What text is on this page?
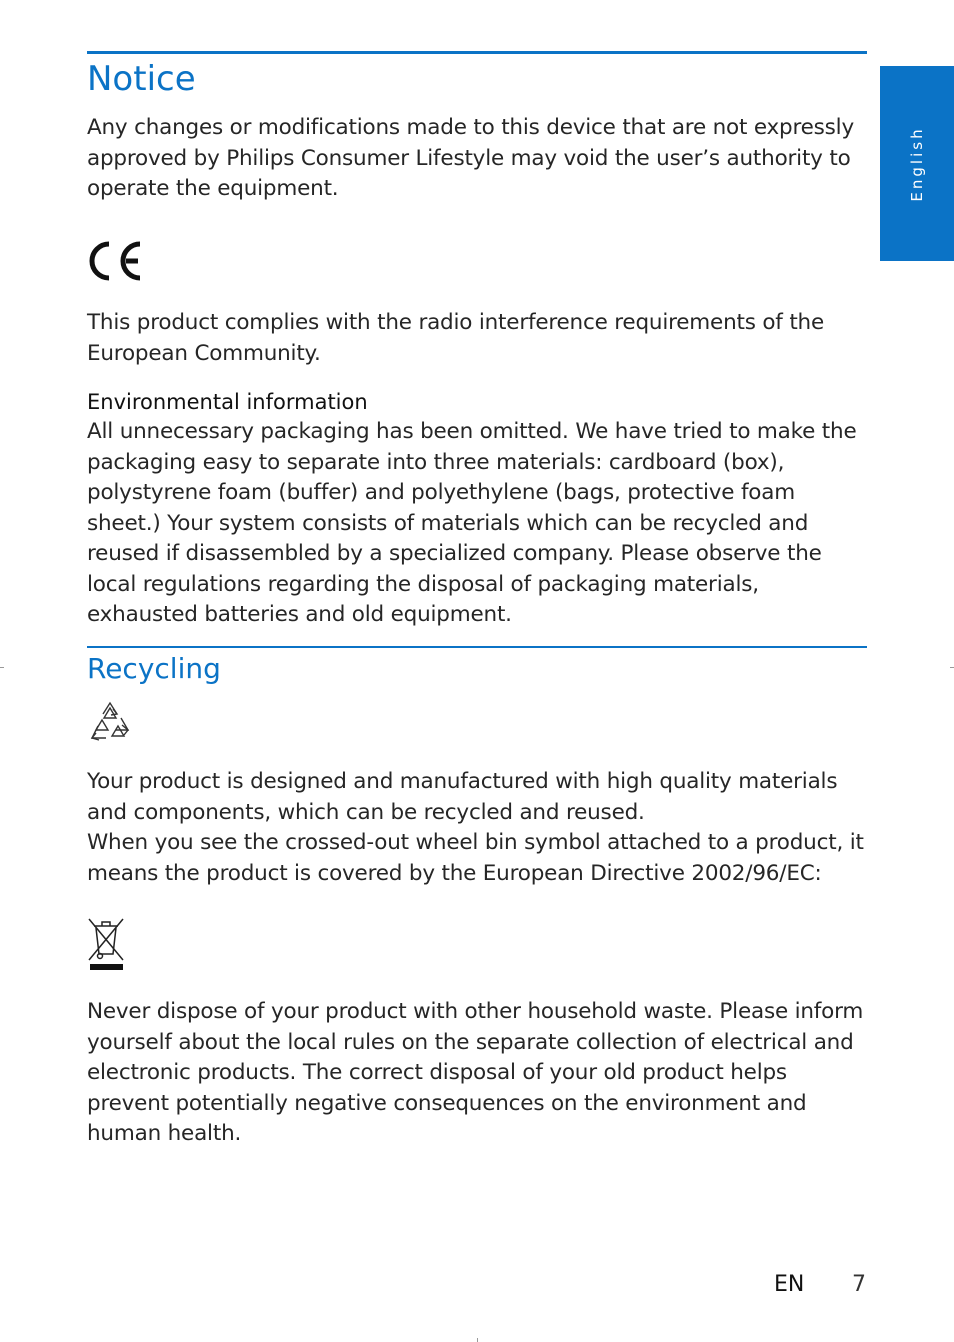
Notice

Any changes or modifications made to this device that are not expressly approved by Philips Consumer Lifestyle may void the user’s authority to operate the equipment.

This product complies with the radio interference requirements of the European Community.

Environmental information

All unnecessary packaging has been omitted. We have tried to make the packaging easy to separate into three materials: cardboard (box), polystyrene foam (buffer) and polyethylene (bags, protective foam sheet.) Your system consists of materials which can be recycled and reused if disassembled by a specialized company. Please observe the local regulations regarding the disposal of packaging materials, exhausted batteries and old equipment.

Recycling

Your product is designed and manufactured with high quality materials and components, which can be recycled and reused.

When you see the crossed-out wheel bin symbol attached to a product, it means the product is covered by the European Directive 2002/96/EC:

Never dispose of your product with other household waste. Please inform yourself about the local rules on the separate collection of electrical and electronic products. The correct disposal of your old product helps prevent potentially negative consequences on the environment and human health.

English
EN 7
